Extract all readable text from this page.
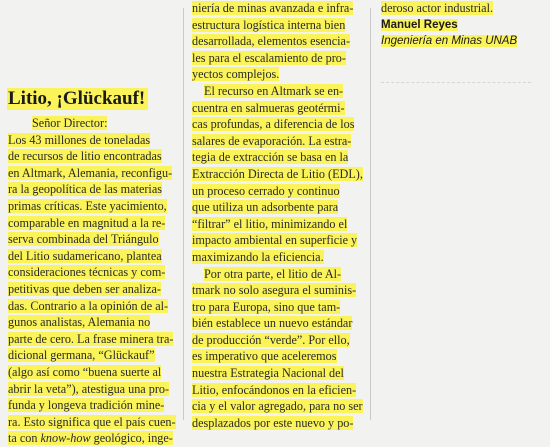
Litio, ¡Glückauf!
Señor Director:
Los 43 millones de toneladas
de recursos de litio encontradas
en Altmark, Alemania, reconfigu-
ra la geopolítica de las materias
primas críticas. Este yacimiento,
comparable en magnitud a la re-
serva combinada del Triángulo
del Litio sudamericano, plantea
consideraciones técnicas y com-
petitivas que deben ser analiza-
das. Contrario a la opinión de al-
gunos analistas, Alemania no
parte de cero. La frase minera tra-
dicional germana, “Glückauf”
(algo así como “buena suerte al
abrir la veta”), atestigua una pro-
funda y longeva tradición mine-
ra. Esto significa que el país cuen-
ta con know-how geológico, inge-
niería de minas avanzada e infra-
estructura logística interna bien
desarrollada, elementos esencia-
les para el escalamiento de pro-
yectos complejos.
El recurso en Altmark se en-
cuentra en salmueras geotérmi-
cas profundas, a diferencia de los
salares de evaporación. La estra-
tegia de extracción se basa en la
Extracción Directa de Litio (EDL),
un proceso cerrado y continuo
que utiliza un adsorbente para
“filtrar” el litio, minimizando el
impacto ambiental en superficie y
maximizando la eficiencia.
Por otra parte, el litio de Al-
tmark no solo asegura el suminis-
tro para Europa, sino que tam-
bién establece un nuevo estándar
de producción “verde”. Por ello,
es imperativo que aceleremos
nuestra Estrategia Nacional del
Litio, enfocándonos en la eficien-
cia y el valor agregado, para no ser
desplazados por este nuevo y po-
deroso actor industrial.
Manuel Reyes
Ingeniería en Minas UNAB
